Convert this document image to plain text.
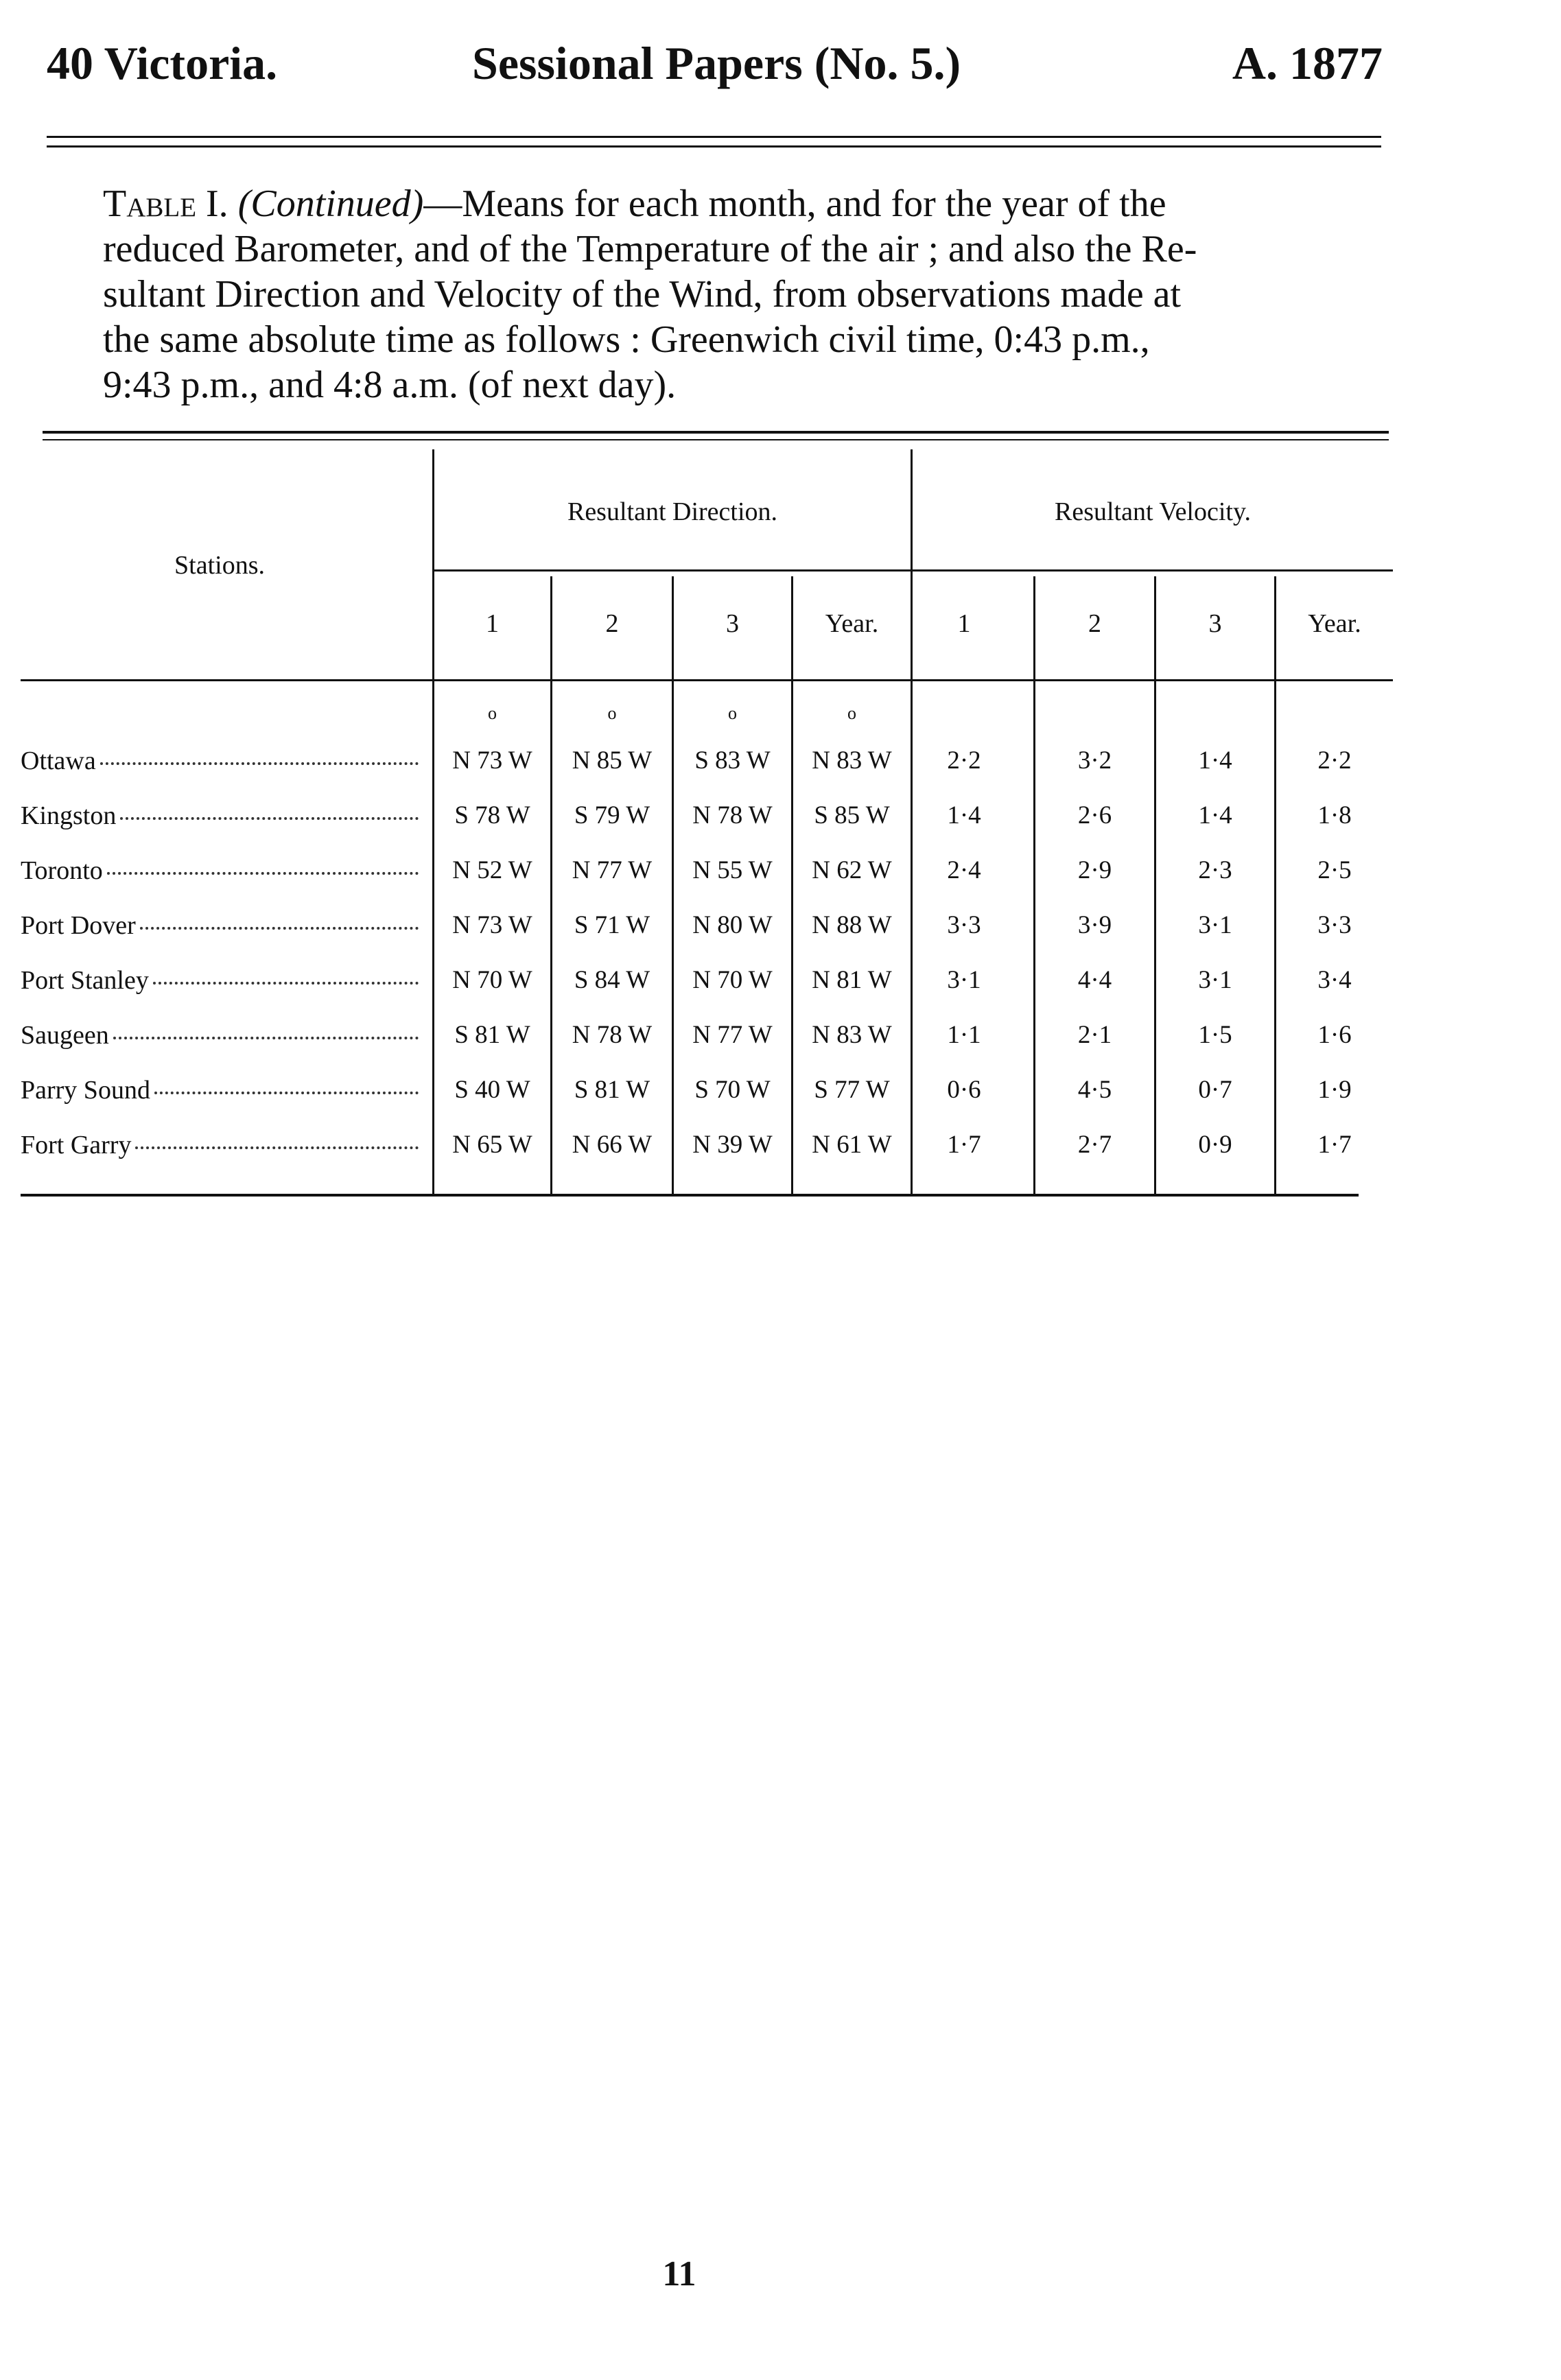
40 Victoria.	Sessional Papers (No. 5.)	A. 1877
Table I. (Continued)—Means for each month, and for the year of the
reduced Barometer, and of the Temperature of the air ; and also the Re-
sultant Direction and Velocity of the Wind, from observations made at
the same absolute time as follows : Greenwich civil time, 0:43 p.m.,
9:43 p.m., and 4:8 a.m. (of next day).
Stations.
Resultant Direction.	Resultant Velocity.
1	2	3	Year.	1	2	3	Year.
o	o	o	o
Ottawa	N 73 W	N 85 W	S 83 W	N 83 W	2·2	3·2	1·4	2·2
Kingston	S 78 W	S 79 W	N 78 W	S 85 W	1·4	2·6	1·4	1·8
Toronto	N 52 W	N 77 W	N 55 W	N 62 W	2·4	2·9	2·3	2·5
Port Dover	N 73 W	S 71 W	N 80 W	N 88 W	3·3	3·9	3·1	3·3
Port Stanley	N 70 W	S 84 W	N 70 W	N 81 W	3·1	4·4	3·1	3·4
Saugeen	S 81 W	N 78 W	N 77 W	N 83 W	1·1	2·1	1·5	1·6
Parry Sound	S 40 W	S 81 W	S 70 W	S 77 W	0·6	4·5	0·7	1·9
Fort Garry	N 65 W	N 66 W	N 39 W	N 61 W	1·7	2·7	0·9	1·7
11
